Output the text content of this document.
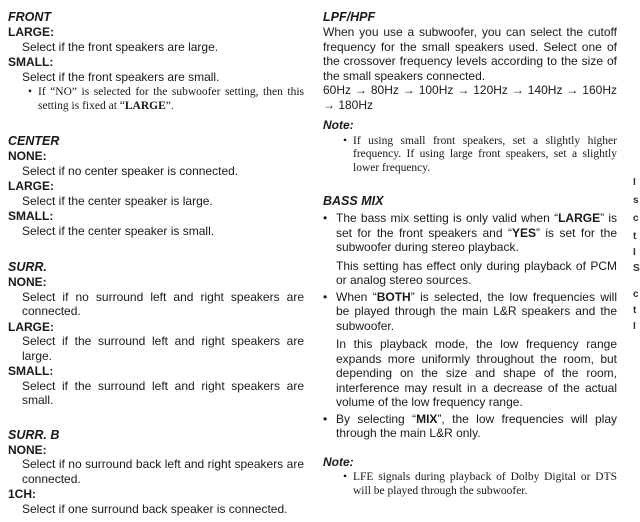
FRONT

LARGE:

Select if the front speakers are large.

SMALL:

Select if the front speakers are small.

• If “NO” is selected for the subwoofer setting, then this setting is fixed at “LARGE”.

CENTER

NONE:

Select if no center speaker is connected.

LARGE:

Select if the center speaker is large.

SMALL:

Select if the center speaker is small.

SURR.

NONE:

Select if no surround left and right speakers are connected.

LARGE:

Select if the surround left and right speakers are large.

SMALL:

Select if the surround left and right speakers are small.

SURR. B

NONE:

Select if no surround back left and right speakers are connected.

1CH:

Select if one surround back speaker is connected.

LPF/HPF

When you use a subwoofer, you can select the cutoff frequency for the small speakers used. Select one of the crossover frequency levels according to the size of the small speakers connected.

60Hz → 80Hz → 100Hz → 120Hz → 140Hz → 160Hz → 180Hz

Note:

• If using small front speakers, set a slightly higher frequency. If using large front speakers, set a slightly lower frequency.

BASS MIX

• The bass mix setting is only valid when “LARGE” is set for the front speakers and “YES” is set for the subwoofer during stereo playback.

This setting has effect only during playback of PCM or analog stereo sources.

• When “BOTH” is selected, the low frequencies will be played through the main L&R speakers and the subwoofer.

In this playback mode, the low frequency range expands more uniformly throughout the room, but depending on the size and shape of the room, interference may result in a decrease of the actual volume of the low frequency range.

• By selecting “MIX”, the low frequencies will play through the main L&R only.

Note:

• LFE signals during playback of Dolby Digital or DTS will be played through the subwoofer.

I
s
c
t
I
S
c
t
I
